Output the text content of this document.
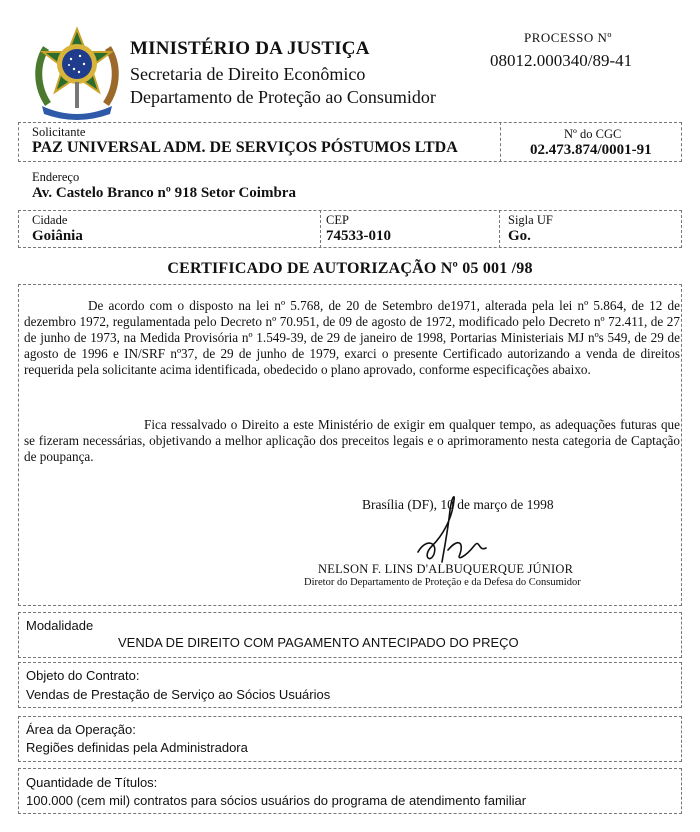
MINISTÉRIO DA JUSTIÇA
Secretaria de Direito Econômico
Departamento de Proteção ao Consumidor
PROCESSO Nº
08012.000340/89-41
Solicitante
PAZ UNIVERSAL ADM. DE SERVIÇOS PÓSTUMOS LTDA
Nº do CGC
02.473.874/0001-91
Endereço
Av. Castelo Branco nº 918 Setor Coimbra
Cidade
Goiânia
CEP
74533-010
Sigla UF
Go.
CERTIFICADO DE AUTORIZAÇÃO Nº 05 001 /98
De acordo com o disposto na lei nº 5.768, de 20 de Setembro de1971, alterada pela lei nº 5.864, de 12 de dezembro 1972, regulamentada pelo Decreto nº 70.951, de 09 de agosto de 1972, modificado pelo Decreto nº 72.411, de 27 de junho de 1973, na Medida Provisória nº 1.549-39, de 29 de janeiro de 1998, Portarias Ministeriais MJ nºs 549, de 29 de agosto de 1996 e IN/SRF nº37, de 29 de junho de 1979, exarci o presente Certificado autorizando a venda de direitos requerida pela solicitante acima identificada, obedecido o plano aprovado, conforme especificações abaixo.
Fica ressalvado o Direito a este Ministério de exigir em qualquer tempo, as adequações futuras que se fizeram necessárias, objetivando a melhor aplicação dos preceitos legais e o aprimoramento nesta categoria de Captação de poupança.
Brasília (DF), 10 de março de 1998
NELSON F. LINS D'ALBUQUERQUE JÚNIOR
Diretor do Departamento de Proteção e da Defesa do Consumidor
Modalidade
VENDA DE DIREITO COM PAGAMENTO ANTECIPADO DO PREÇO
Objeto do Contrato:
Vendas de Prestação de Serviço ao Sócios Usuários
Área da Operação:
Regiões definidas pela Administradora
Quantidade de Títulos:
100.000 (cem mil) contratos para sócios usuários do programa de atendimento familiar
